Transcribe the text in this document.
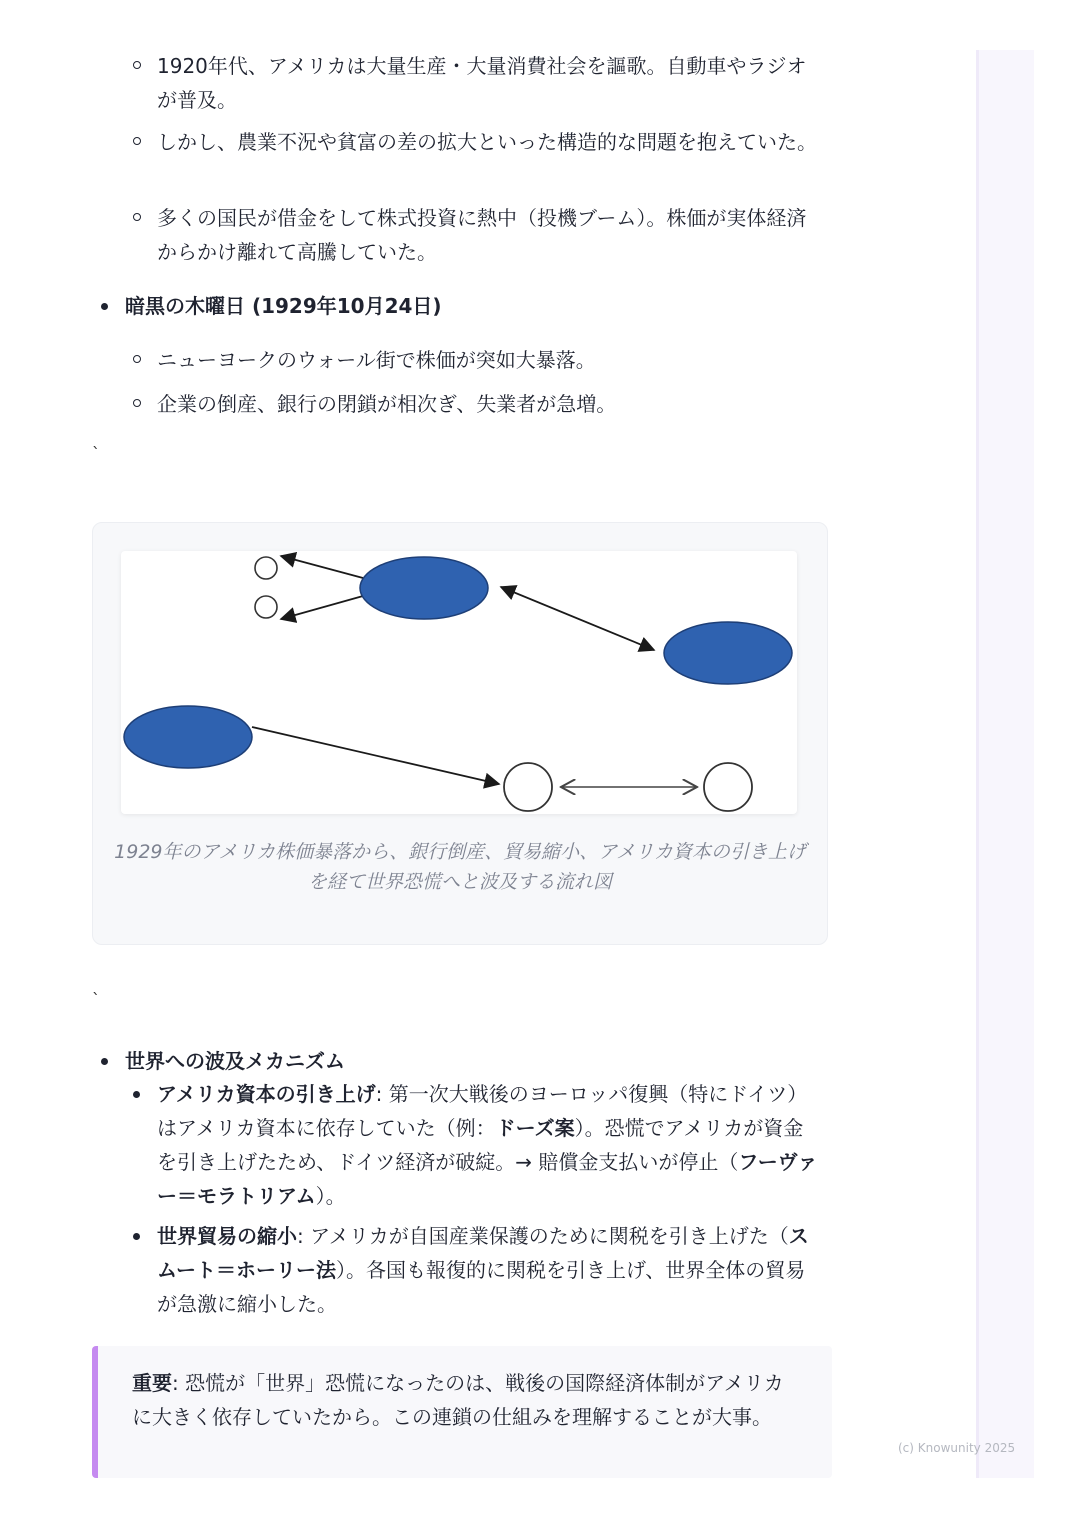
1920年代、アメリカは大量生産・大量消費社会を謳歌。自動車やラジオが普及。
しかし、農業不況や貧富の差の拡大といった構造的な問題を抱えていた。
多くの国民が借金をして株式投資に熱中（投機ブーム）。株価が実体経済からかけ離れて高騰していた。
暗黒の木曜日 (1929年10月24日)
ニューヨークのウォール街で株価が突如大暴落。
企業の倒産、銀行の閉鎖が相次ぎ、失業者が急増。
`
1929年のアメリカ株価暴落から、銀行倒産、貿易縮小、アメリカ資本の引き上げを経て世界恐慌へと波及する流れ図
`
世界への波及メカニズム
アメリカ資本の引き上げ: 第一次大戦後のヨーロッパ復興（特にドイツ）はアメリカ資本に依存していた（例：ドーズ案）。恐慌でアメリカが資金を引き上げたため、ドイツ経済が破綻。→ 賠償金支払いが停止（フーヴァー＝モラトリアム）。
世界貿易の縮小: アメリカが自国産業保護のために関税を引き上げた（スムート＝ホーリー法）。各国も報復的に関税を引き上げ、世界全体の貿易が急激に縮小した。
重要: 恐慌が「世界」恐慌になったのは、戦後の国際経済体制がアメリカに大きく依存していたから。この連鎖の仕組みを理解することが大事。
(c) Knowunity 2025
